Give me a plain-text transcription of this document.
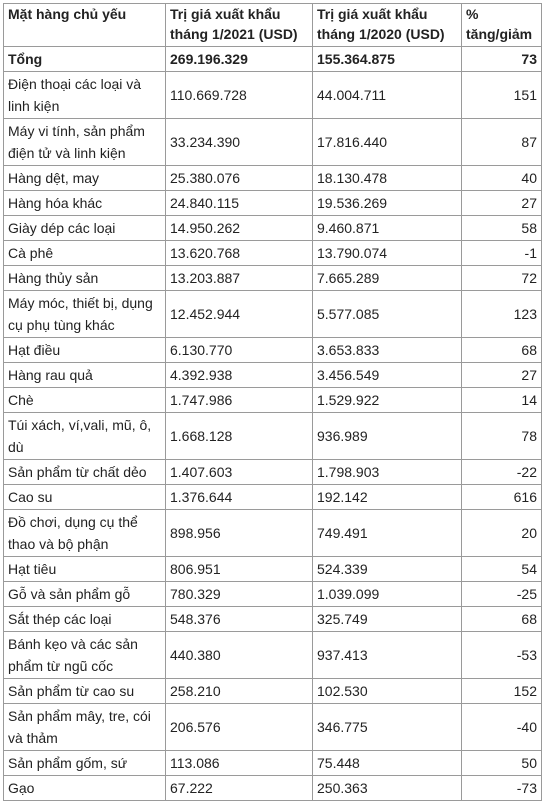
Mặt hàng chủ yếu	Trị giá xuất khẩu tháng 1/2021 (USD)	Trị giá xuất khẩu tháng 1/2020 (USD)	% tăng/giảm
Tổng	269.196.329	155.364.875	73
Điện thoại các loại và linh kiện	110.669.728	44.004.711	151
Máy vi tính, sản phẩm điện tử và linh kiện	33.234.390	17.816.440	87
Hàng dệt, may	25.380.076	18.130.478	40
Hàng hóa khác	24.840.115	19.536.269	27
Giày dép các loại	14.950.262	9.460.871	58
Cà phê	13.620.768	13.790.074	-1
Hàng thủy sản	13.203.887	7.665.289	72
Máy móc, thiết bị, dụng cụ phụ tùng khác	12.452.944	5.577.085	123
Hạt điều	6.130.770	3.653.833	68
Hàng rau quả	4.392.938	3.456.549	27
Chè	1.747.986	1.529.922	14
Túi xách, ví,vali, mũ, ô, dù	1.668.128	936.989	78
Sản phẩm từ chất dẻo	1.407.603	1.798.903	-22
Cao su	1.376.644	192.142	616
Đồ chơi, dụng cụ thể thao và bộ phận	898.956	749.491	20
Hạt tiêu	806.951	524.339	54
Gỗ và sản phẩm gỗ	780.329	1.039.099	-25
Sắt thép các loại	548.376	325.749	68
Bánh kẹo và các sản phẩm từ ngũ cốc	440.380	937.413	-53
Sản phẩm từ cao su	258.210	102.530	152
Sản phẩm mây, tre, cói và thảm	206.576	346.775	-40
Sản phẩm gốm, sứ	113.086	75.448	50
Gạo	67.222	250.363	-73
